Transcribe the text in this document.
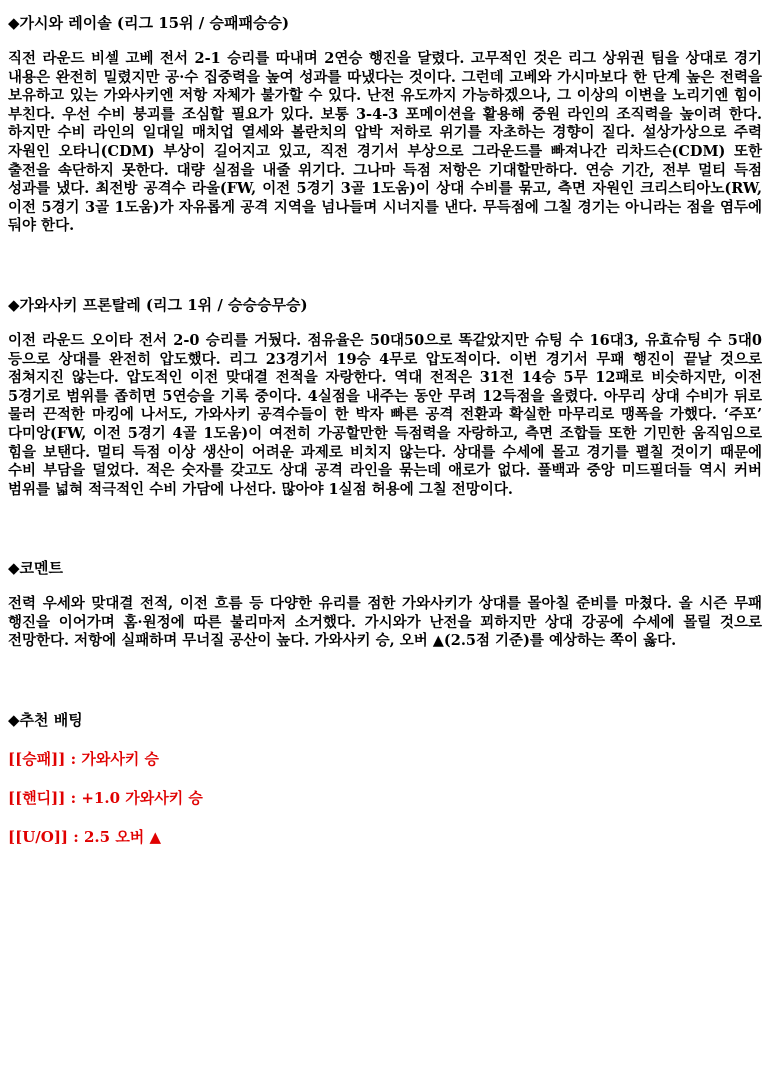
◆가시와 레이솔 (리그 15위 / 승패패승승)

직전 라운드 비셀 고베 전서 2-1 승리를 따내며 2연승 행진을 달렸다. 고무적인 것은 리그 상위권 팀을 상대로 경기 내용은 완전히 밀렸지만 공·수 집중력을 높여 성과를 따냈다는 것이다. 그런데 고베와 가시마보다 한 단계 높은 전력을 보유하고 있는 가와사키엔 저항 자체가 불가할 수 있다. 난전 유도까지 가능하겠으나, 그 이상의 이변을 노리기엔 힘이 부친다. 우선 수비 붕괴를 조심할 필요가 있다. 보통 3-4-3 포메이션을 활용해 중원 라인의 조직력을 높이려 한다. 하지만 수비 라인의 일대일 매치업 열세와 볼란치의 압박 저하로 위기를 자초하는 경향이 짙다. 설상가상으로 주력 자원인 오타니(CDM) 부상이 길어지고 있고, 직전 경기서 부상으로 그라운드를 빠져나간 리차드슨(CDM) 또한 출전을 속단하지 못한다. 대량 실점을 내줄 위기다. 그나마 득점 저항은 기대할만하다. 연승 기간, 전부 멀티 득점 성과를 냈다. 최전방 공격수 라울(FW, 이전 5경기 3골 1도움)이 상대 수비를 묶고, 측면 자원인 크리스티아노(RW, 이전 5경기 3골 1도움)가 자유롭게 공격 지역을 넘나들며 시너지를 낸다. 무득점에 그칠 경기는 아니라는 점을 염두에 둬야 한다.

◆가와사키 프론탈레 (리그 1위 / 승승승무승)

이전 라운드 오이타 전서 2-0 승리를 거뒀다. 점유율은 50대50으로 똑같았지만 슈팅 수 16대3, 유효슈팅 수 5대0 등으로 상대를 완전히 압도했다. 리그 23경기서 19승 4무로 압도적이다. 이번 경기서 무패 행진이 끝날 것으로 점쳐지진 않는다. 압도적인 이전 맞대결 전적을 자랑한다. 역대 전적은 31전 14승 5무 12패로 비슷하지만, 이전 5경기로 범위를 좁히면 5연승을 기록 중이다. 4실점을 내주는 동안 무려 12득점을 올렸다. 아무리 상대 수비가 뒤로 물러 끈적한 마킹에 나서도, 가와사키 공격수들이 한 박자 빠른 공격 전환과 확실한 마무리로 맹폭을 가했다. ‘주포’ 다미앙(FW, 이전 5경기 4골 1도움)이 여전히 가공할만한 득점력을 자랑하고, 측면 조합들 또한 기민한 움직임으로 힘을 보탠다. 멀티 득점 이상 생산이 어려운 과제로 비치지 않는다. 상대를 수세에 몰고 경기를 펼칠 것이기 때문에 수비 부담을 덜었다. 적은 숫자를 갖고도 상대 공격 라인을 묶는데 애로가 없다. 풀백과 중앙 미드필더들 역시 커버 범위를 넓혀 적극적인 수비 가담에 나선다. 많아야 1실점 허용에 그칠 전망이다.

◆코멘트

전력 우세와 맞대결 전적, 이전 흐름 등 다양한 유리를 점한 가와사키가 상대를 몰아칠 준비를 마쳤다. 올 시즌 무패 행진을 이어가며 홈·원정에 따른 불리마저 소거했다. 가시와가 난전을 꾀하지만 상대 강공에 수세에 몰릴 것으로 전망한다. 저항에 실패하며 무너질 공산이 높다. 가와사키 승, 오버 ▲(2.5점 기준)를 예상하는 쪽이 옳다.

◆추천 배팅

[[승패]] : 가와사키 승

[[핸디]] : +1.0 가와사키 승

[[U/O]] : 2.5 오버 ▲
